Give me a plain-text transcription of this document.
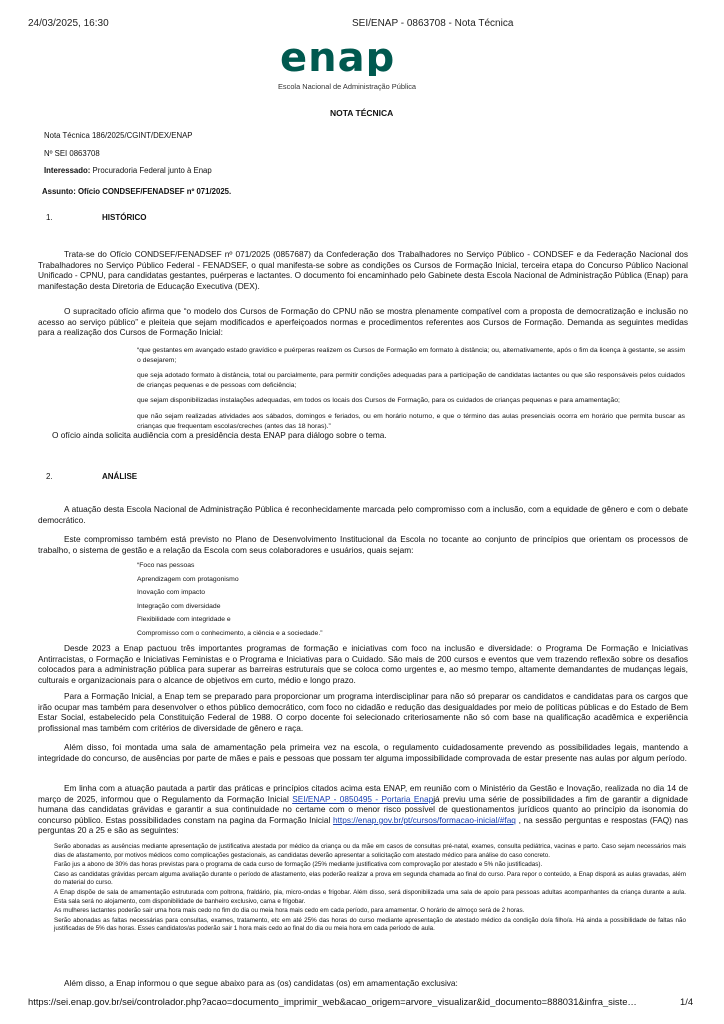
24/03/2025, 16:30	SEI/ENAP - 0863708 - Nota Técnica
enap
Escola Nacional de Administração Pública
NOTA TÉCNICA
Nota Técnica 186/2025/CGINT/DEX/ENAP
Nº SEI 0863708
Interessado: Procuradoria Federal junto à Enap
Assunto: Ofício CONDSEF/FENADSEF nº 071/2025.
1.	HISTÓRICO

Trata-se do Ofício CONDSEF/FENADSEF nº 071/2025 (0857687) da Confederação dos Trabalhadores no Serviço Público - CONDSEF e da Federação Nacional dos Trabalhadores no Serviço Público Federal - FENADSEF, o qual manifesta-se sobre as condições os Cursos de Formação Inicial, terceira etapa do Concurso Público Nacional Unificado - CPNU, para candidatas gestantes, puérperas e lactantes. O documento foi encaminhado pelo Gabinete desta Escola Nacional de Administração Pública (Enap) para manifestação desta Diretoria de Educação Executiva (DEX).

O supracitado ofício afirma que “o modelo dos Cursos de Formação do CPNU não se mostra plenamente compatível com a proposta de democratização e inclusão no acesso ao serviço público” e pleiteia que sejam modificados e aperfeiçoados normas e procedimentos referentes aos Cursos de Formação. Demanda as seguintes medidas para a realização dos Cursos de Formação Inicial:

“que gestantes em avançado estado gravídico e puérperas realizem os Cursos de Formação em formato à distância; ou, alternativamente, após o fim da licença à gestante, se assim o desejarem;

que seja adotado formato à distância, total ou parcialmente, para permitir condições adequadas para a participação de candidatas lactantes ou que são responsáveis pelos cuidados de crianças pequenas e de pessoas com deficiência;

que sejam disponibilizadas instalações adequadas, em todos os locais dos Cursos de Formação, para os cuidados de crianças pequenas e para amamentação;

que não sejam realizadas atividades aos sábados, domingos e feriados, ou em horário noturno, e que o término das aulas presenciais ocorra em horário que permita buscar as crianças que frequentam escolas/creches (antes das 18 horas).”

O ofício ainda solicita audiência com a presidência desta ENAP para diálogo sobre o tema.

2.	ANÁLISE

A atuação desta Escola Nacional de Administração Pública é reconhecidamente marcada pelo compromisso com a inclusão, com a equidade de gênero e com o debate democrático.

Este compromisso também está previsto no Plano de Desenvolvimento Institucional da Escola no tocante ao conjunto de princípios que orientam os processos de trabalho, o sistema de gestão e a relação da Escola com seus colaboradores e usuários, quais sejam:

“Foco nas pessoas
Aprendizagem com protagonismo
Inovação com impacto
Integração com diversidade
Flexibilidade com integridade e
Compromisso com o conhecimento, a ciência e a sociedade.”

Desde 2023 a Enap pactuou três importantes programas de formação e iniciativas com foco na inclusão e diversidade: o Programa De Formação e Iniciativas Antirracistas, o Formação e Iniciativas Feministas e o Programa e Iniciativas para o Cuidado. São mais de 200 cursos e eventos que vem trazendo reflexão sobre os desafios colocados para a administração pública para superar as barreiras estruturais que se coloca como urgentes e, ao mesmo tempo, altamente demandantes de mudanças legais, culturais e organizacionais para o alcance de objetivos em curto, médio e longo prazo.

Para a Formação Inicial, a Enap tem se preparado para proporcionar um programa interdisciplinar para não só preparar os candidatos e candidatas para os cargos que irão ocupar mas também para desenvolver o ethos público democrático, com foco no cidadão e redução das desigualdades por meio de políticas públicas e do Estado de Bem Estar Social, estabelecido pela Constituição Federal de 1988. O corpo docente foi selecionado criteriosamente não só com base na qualificação acadêmica e experiência profissional mas também com critérios de diversidade de gênero e raça.

Além disso, foi montada uma sala de amamentação pela primeira vez na escola, o regulamento cuidadosamente prevendo as possibilidades legais, mantendo a integridade do concurso, de ausências por parte de mães e pais e pessoas que possam ter alguma impossibilidade comprovada de estar presente nas aulas por algum período.

Em linha com a atuação pautada a partir das práticas e princípios citados acima esta ENAP, em reunião com o Ministério da Gestão e Inovação, realizada no dia 14 de março de 2025, informou que o Regulamento da Formação Inicial SEI/ENAP - 0850495 - Portaria Enapjá previu uma série de possibilidades a fim de garantir a dignidade humana das candidatas grávidas e garantir a sua continuidade no certame com o menor risco possível de questionamentos jurídicos quanto ao princípio da isonomia do concurso público. Estas possibilidades constam na pagina da Formação Inicial https://enap.gov.br/pt/cursos/formacao-inicial/#faq , na sessão perguntas e respostas (FAQ) nas perguntas 20 a 25 e são as seguintes:

Serão abonadas as ausências mediante apresentação de justificativa atestada por médico da criança ou da mãe em casos de consultas pré-natal, exames, consulta pediátrica, vacinas e parto. Caso sejam necessários mais dias de afastamento, por motivos médicos como complicações gestacionais, as candidatas deverão apresentar a solicitação com atestado médico para análise do caso concreto.

Farão jus a abono de 30% das horas previstas para o programa de cada curso de formação (25% mediante justificativa com comprovação por atestado e 5% não justificadas).

Caso as candidatas grávidas percam alguma avaliação durante o período de afastamento, elas poderão realizar a prova em segunda chamada ao final do curso. Para repor o conteúdo, a Enap disporá as aulas gravadas, além do material do curso.

A Enap dispõe de sala de amamentação estruturada com poltrona, fraldário, pia, micro-ondas e frigobar. Além disso, será disponibilizada uma sala de apoio para pessoas adultas acompanhantes da criança durante a aula. Esta sala será no alojamento, com disponibilidade de banheiro exclusivo, cama e frigobar.

As mulheres lactantes poderão sair uma hora mais cedo no fim do dia ou meia hora mais cedo em cada período, para amamentar. O horário de almoço será de 2 horas.

Serão abonadas as faltas necessárias para consultas, exames, tratamento, etc em até 25% das horas do curso mediante apresentação de atestado médico da condição do/a filho/a. Há ainda a possibilidade de faltas não justificadas de 5% das horas. Esses candidatos/as poderão sair 1 hora mais cedo ao final do dia ou meia hora em cada período de aula.

Além disso, a Enap informou o que segue abaixo para as (os) candidatas (os) em amamentação exclusiva:

https://sei.enap.gov.br/sei/controlador.php?acao=documento_imprimir_web&acao_origem=arvore_visualizar&id_documento=888031&infra_siste…	1/4
